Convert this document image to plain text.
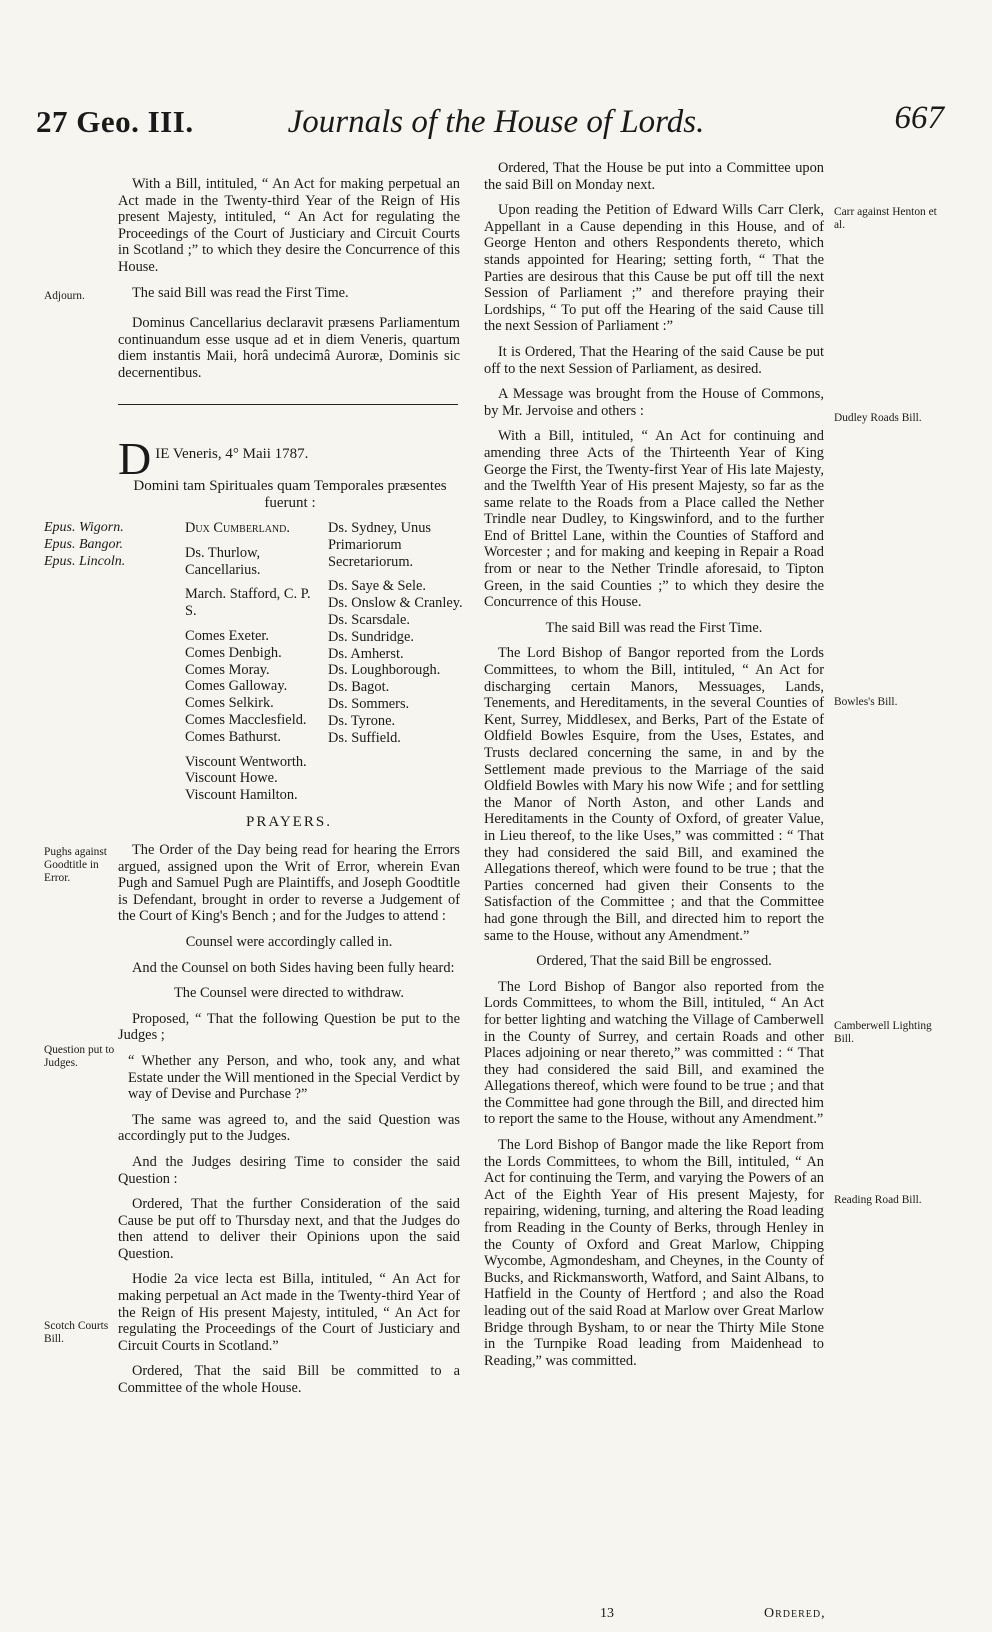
27 Geo. III.	Journals of the House of Lords.	667

With a Bill, intituled, “ An Act for making perpetual an Act made in the Twenty-third Year of the Reign of His present Majesty, intituled, “ An Act for regulating the Proceedings of the Court of Justiciary and Circuit Courts in Scotland ;” to which they desire the Concurrence of this House.

The said Bill was read the First Time.

Dominus Cancellarius declaravit præsens Parliamentum continuandum esse usque ad et in diem Veneris, quartum diem instantis Maii, horâ undecimâ Auroræ, Dominis sic decernentibus.

Adjourn.
D IE Veneris, 4° Maii 1787.
Domini tam Spirituales quam Temporales præsentes fuerunt :
Epus. Wigorn.
Epus. Bangor.
Epus. Lincoln.
Dux Cumberland.
Ds. Thurlow, Cancellarius.
March. Stafford, C. P. S.
Comes Exeter.
Comes Denbigh.
Comes Moray.
Comes Galloway.
Comes Selkirk.
Comes Macclesfield.
Comes Bathurst.
Viscount Wentworth.
Viscount Howe.
Viscount Hamilton.
Ds. Sydney, Unus Primariorum Secretariorum.
Ds. Saye & Sele.
Ds. Onslow & Cranley.
Ds. Scarsdale.
Ds. Sundridge.
Ds. Amherst.
Ds. Loughborough.
Ds. Bagot.
Ds. Sommers.
Ds. Tyrone.
Ds. Suffield.
PRAYERS.

The Order of the Day being read for hearing the Errors argued, assigned upon the Writ of Error, wherein Evan Pugh and Samuel Pugh are Plaintiffs, and Joseph Goodtitle is Defendant, brought in order to reverse a Judgement of the Court of King's Bench ; and for the Judges to attend :

Counsel were accordingly called in.

And the Counsel on both Sides having been fully heard:

The Counsel were directed to withdraw.

Proposed, “ That the following Question be put to the Judges ;

“ Whether any Person, and who, took any, and what Estate under the Will mentioned in the Special Verdict by way of Devise and Purchase ?”

The same was agreed to, and the said Question was accordingly put to the Judges.

And the Judges desiring Time to consider the said Question :

Ordered, That the further Consideration of the said Cause be put off to Thursday next, and that the Judges do then attend to deliver their Opinions upon the said Question.

Hodie 2a vice lecta est Billa, intituled, “ An Act for making perpetual an Act made in the Twenty-third Year of the Reign of His present Majesty, intituled, “ An Act for regulating the Proceedings of the Court of Justiciary and Circuit Courts in Scotland.”

Ordered, That the said Bill be committed to a Committee of the whole House.

Pughs against Goodtitle in Error.
Question put to Judges.
Scotch Courts Bill.

Ordered, That the House be put into a Committee upon the said Bill on Monday next.

Upon reading the Petition of Edward Wills Carr Clerk, Appellant in a Cause depending in this House, and of George Henton and others Respondents thereto, which stands appointed for Hearing; setting forth, “ That the Parties are desirous that this Cause be put off till the next Session of Parliament ;” and therefore praying their Lordships, “ To put off the Hearing of the said Cause till the next Session of Parliament :”

It is Ordered, That the Hearing of the said Cause be put off to the next Session of Parliament, as desired.

A Message was brought from the House of Commons, by Mr. Jervoise and others :

With a Bill, intituled, “ An Act for continuing and amending three Acts of the Thirteenth Year of King George the First, the Twenty-first Year of His late Majesty, and the Twelfth Year of His present Majesty, so far as the same relate to the Roads from a Place called the Nether Trindle near Dudley, to Kingswinford, and to the further End of Brittel Lane, within the Counties of Stafford and Worcester ; and for making and keeping in Repair a Road from or near to the Nether Trindle aforesaid, to Tipton Green, in the said Counties ;” to which they desire the Concurrence of this House.

The said Bill was read the First Time.

The Lord Bishop of Bangor reported from the Lords Committees, to whom the Bill, intituled, “ An Act for discharging certain Manors, Messuages, Lands, Tenements, and Hereditaments, in the several Counties of Kent, Surrey, Middlesex, and Berks, Part of the Estate of Oldfield Bowles Esquire, from the Uses, Estates, and Trusts declared concerning the same, in and by the Settlement made previous to the Marriage of the said Oldfield Bowles with Mary his now Wife ; and for settling the Manor of North Aston, and other Lands and Hereditaments in the County of Oxford, of greater Value, in Lieu thereof, to the like Uses,” was committed : “ That they had considered the said Bill, and examined the Allegations thereof, which were found to be true ; that the Parties concerned had given their Consents to the Satisfaction of the Committee ; and that the Committee had gone through the Bill, and directed him to report the same to the House, without any Amendment.”

Ordered, That the said Bill be engrossed.

The Lord Bishop of Bangor also reported from the Lords Committees, to whom the Bill, intituled, “ An Act for better lighting and watching the Village of Camberwell in the County of Surrey, and certain Roads and other Places adjoining or near thereto,” was committed : “ That they had considered the said Bill, and examined the Allegations thereof, which were found to be true ; and that the Committee had gone through the Bill, and directed him to report the same to the House, without any Amendment.”

The Lord Bishop of Bangor made the like Report from the Lords Committees, to whom the Bill, intituled, “ An Act for continuing the Term, and varying the Powers of an Act of the Eighth Year of His present Majesty, for repairing, widening, turning, and altering the Road leading from Reading in the County of Berks, through Henley in the County of Oxford and Great Marlow, Chipping Wycombe, Agmondesham, and Cheynes, in the County of Bucks, and Rickmansworth, Watford, and Saint Albans, to Hatfield in the County of Hertford ; and also the Road leading out of the said Road at Marlow over Great Marlow Bridge through Bysham, to or near the Thirty Mile Stone in the Turnpike Road leading from Maidenhead to Reading,” was committed.

Carr against Henton et al.
Dudley Roads Bill.
Bowles's Bill.
Camberwell Lighting Bill.
Reading Road Bill.
13	Ordered,
